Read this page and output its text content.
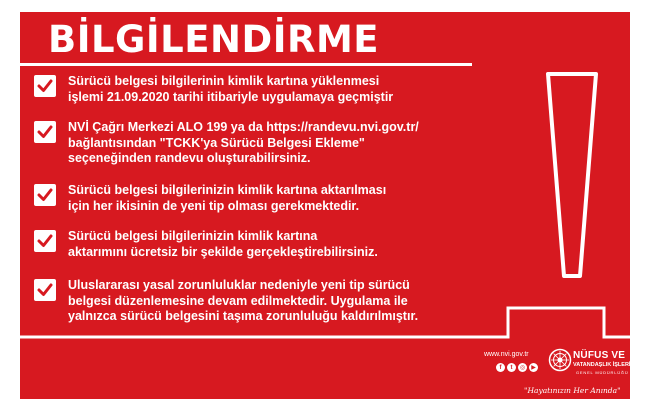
BİLGİLENDİRME
Sürücü belgesi bilgilerinin kimlik kartına yüklenmesi
işlemi 21.09.2020 tarihi itibariyle uygulamaya geçmiştir
NVİ Çağrı Merkezi ALO 199 ya da https://randevu.nvi.gov.tr/
bağlantısından "TCKK'ya Sürücü Belgesi Ekleme"
seçeneğinden randevu oluşturabilirsiniz.
Sürücü belgesi bilgilerinizin kimlik kartına aktarılması
için her ikisinin de yeni tip olması gerekmektedir.
Sürücü belgesi bilgilerinizin kimlik kartına
aktarımını ücretsiz bir şekilde gerçekleştirebilirsiniz.
Uluslararası yasal zorunluluklar nedeniyle yeni tip sürücü
belgesi düzenlemesine devam edilmektedir. Uygulama ile
yalnızca sürücü belgesini taşıma zorunluluğu kaldırılmıştır.
www.nvi.gov.tr
f	t	◎	▶
NÜFUS VE
VATANDAŞLIK İŞLERİ
GENEL MÜDÜRLÜĞÜ
"Hayatınızın Her Anında"
